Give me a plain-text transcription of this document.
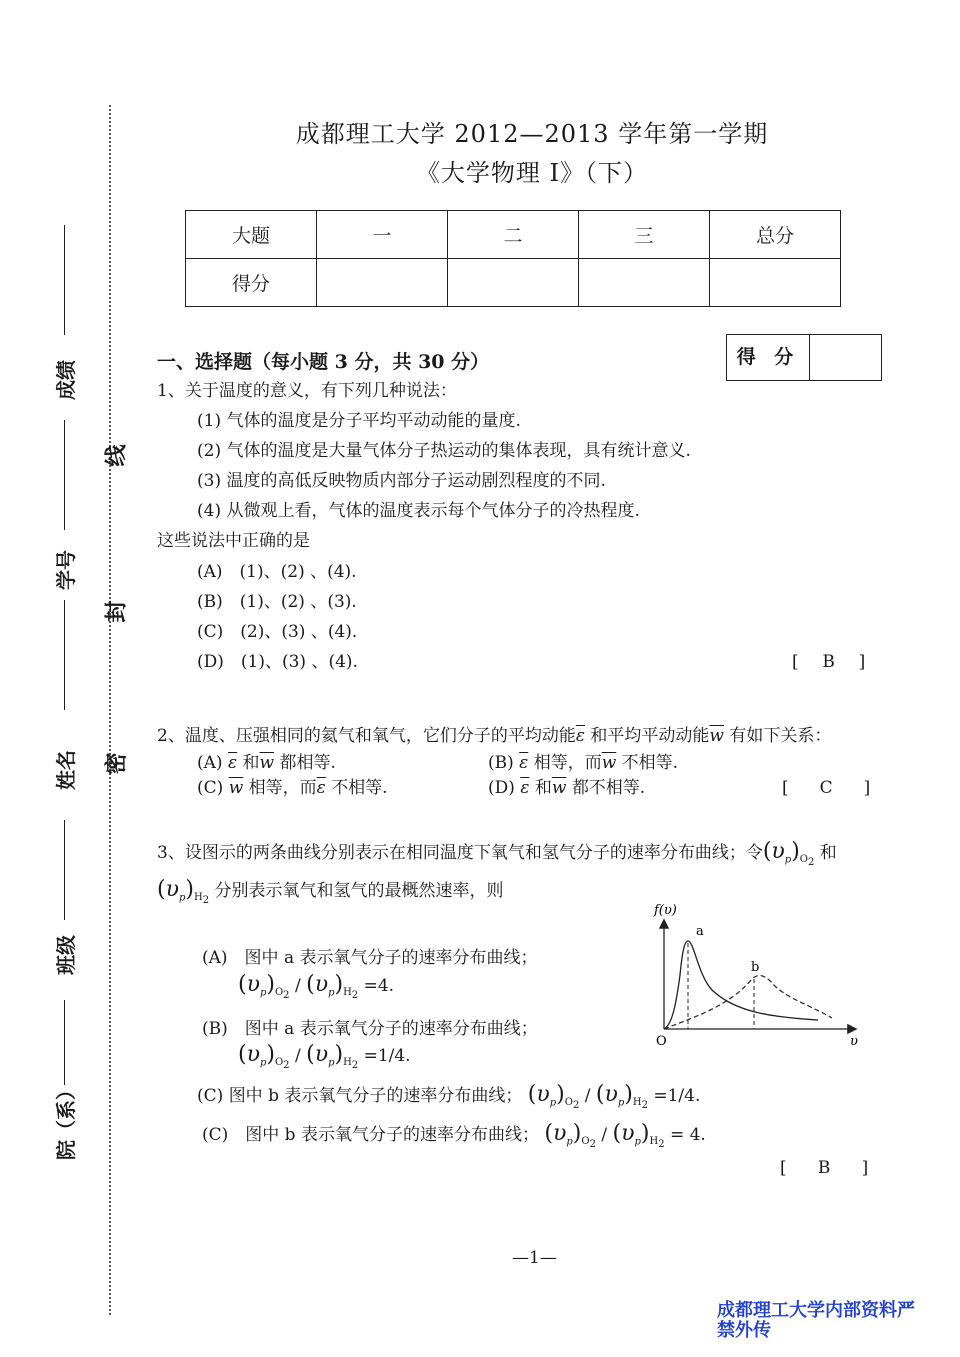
院（系）
班级
姓名
学号
成绩
密
封
线
成都理工大学 2012—2013 学年第一学期
《大学物理 I》（下）
大题	一	二	三	总分
得分				
一、选择题（每小题 3 分，共 30 分）	得 分
1、关于温度的意义，有下列几种说法：
(1) 气体的温度是分子平均平动动能的量度.
(2) 气体的温度是大量气体分子热运动的集体表现，具有统计意义.
(3) 温度的高低反映物质内部分子运动剧烈程度的不同.
(4) 从微观上看，气体的温度表示每个气体分子的冷热程度.
这些说法中正确的是
(A)　(1)、(2) 、(4).
(B)　(1)、(2) 、(3).
(C)　(2)、(3) 、(4).
(D)　(1)、(3) 、(4).	[ B ]
2、温度、压强相同的氦气和氧气，它们分子的平均动能$\overline{\varepsilon}$ 和平均平动动能$\overline{w}$ 有如下关系：
(A) $\overline{\varepsilon}$ 和$\overline{w}$ 都相等.	(B) $\overline{\varepsilon}$ 相等，而$\overline{w}$ 不相等.
(C) $\overline{w}$ 相等，而$\overline{\varepsilon}$ 不相等.	(D) $\overline{\varepsilon}$ 和$\overline{w}$ 都不相等.	[ C ]
3、设图示的两条曲线分别表示在相同温度下氧气和氢气分子的速率分布曲线；令$(\upsilon_p)_{O_2}$ 和
$(\upsilon_p)_{H_2}$ 分别表示氧气和氢气的最概然速率，则
(A)　 图中 a 表示氧气分子的速率分布曲线；
$(\upsilon_p)_{O_2} / (\upsilon_p)_{H_2} =4$.
(B)　 图中 a 表示氧气分子的速率分布曲线；
$(\upsilon_p)_{O_2} / (\upsilon_p)_{H_2} =1/4$.
(C) 图中 b 表示氧气分子的速率分布曲线； $(\upsilon_p)_{O_2} / (\upsilon_p)_{H_2} =1/4$.
(C)　 图中 b 表示氧气分子的速率分布曲线； $(\upsilon_p)_{O_2} / (\upsilon_p)_{H_2} = 4$.
[ B ]
f(υ)
a
b
O	υ
—1—
成都理工大学内部资料严
禁外传
